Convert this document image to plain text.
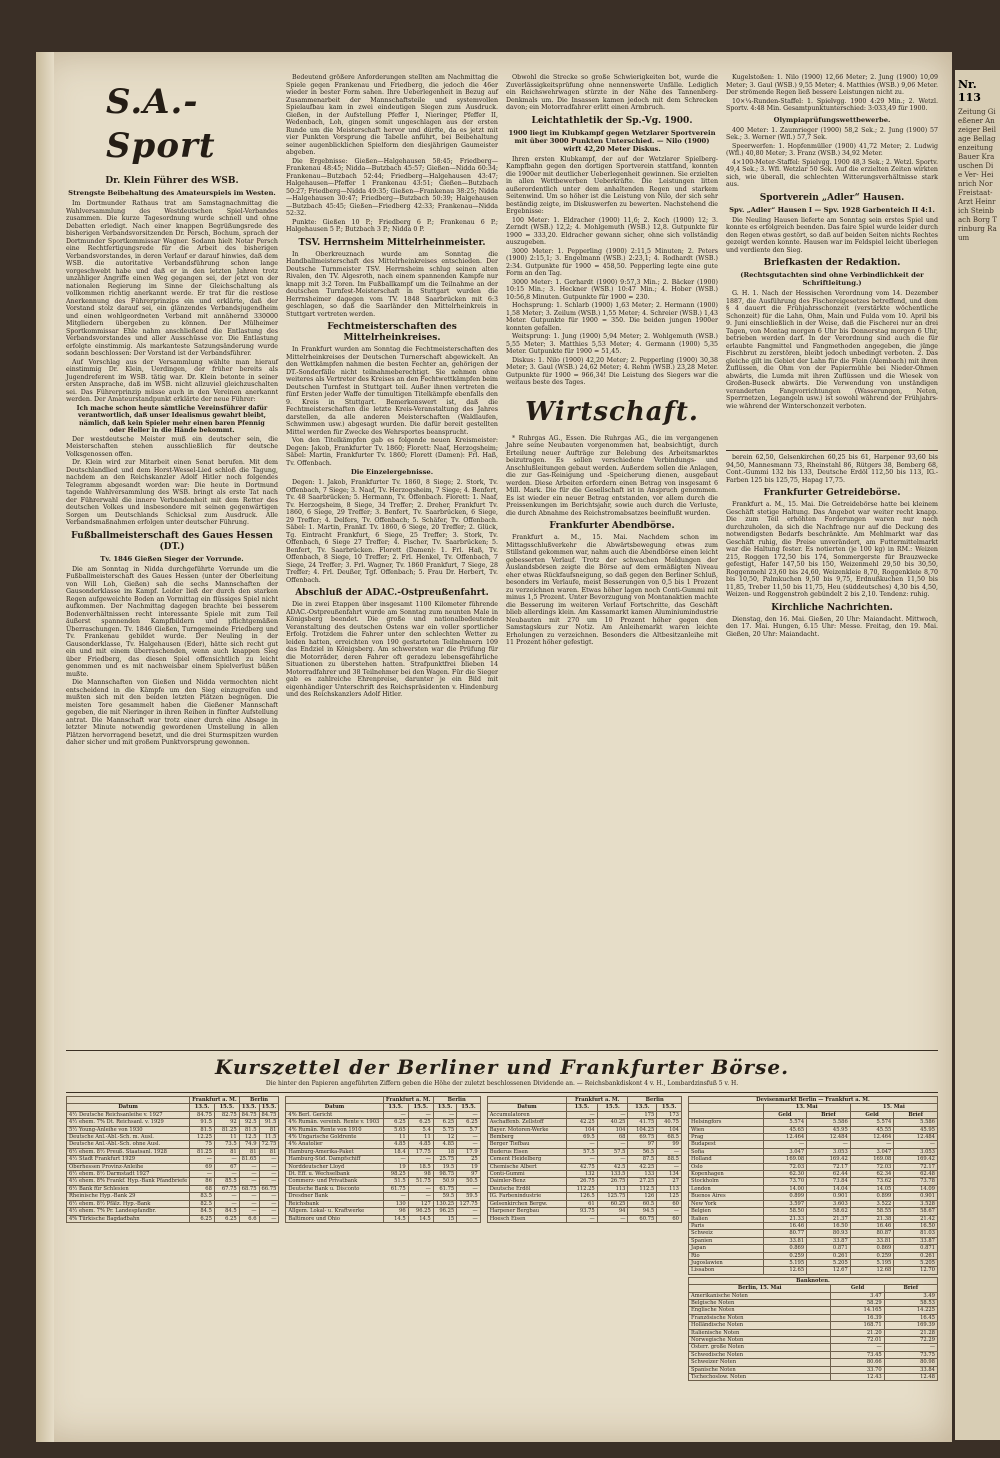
S.A.-Sport
Dr. Klein Führer des WSB.
Strengste Beibehaltung des Amateurspiels im Westen.

Im Dortmunder Rathaus trat am Samstagnachmittag die Wahlversammlung des Westdeutschen Spiel-Verbandes zusammen. Die kurze Tagesordnung wurde schnell und ohne Debatten erledigt. Nach einer knappen Begrüßungsrede des bisherigen Verbandsvorsitzenden Dr. Persch, Bochum, sprach der Dortmunder Sportkommissar Wagner. Sodann hielt Notar Persch eine Rechtfertigungsrede für die Arbeit des bisherigen Verbandsvorstandes, in deren Verlauf er darauf hinwies, daß dem WSB. die autoritative Verbandsführung schon lange vorgeschwebt habe und daß er in den letzten Jahren trotz unzähliger Angriffe einen Weg gegangen sei, der jetzt von der nationalen Regierung im Sinne der Gleichschaltung als vollkommen richtig anerkannt werde. Er trat für die restlose Anerkennung des Führerprinzips ein und erklärte, daß der Vorstand stolz darauf sei, ein glänzendes Verbandsjugendheim und einen wohlgeordneten Verband mit annähernd 330000 Mitgliedern übergeben zu können. Der Mülheimer Sportkommissar Ehle nahm anschließend die Entlastung des Verbandsvorstandes und aller Ausschüsse vor. Die Entlastung erfolgte einstimmig. Als markanteste Satzungsänderung wurde sodann beschlossen: Der Vorstand ist der Verbandsführer.

Auf Vorschlag aus der Versammlung wählte man hierauf einstimmig Dr. Klein, Uerdingen, der früher bereits als Jugendreferent im WSB. tätig war. Dr. Klein betonte in seiner ersten Ansprache, daß im WSB. nicht allzuviel gleichzuschalten sei. Das Führerprinzip müsse auch in den Vereinen anerkannt werden. Der Amateurstandpunkt erklärte der neue Führer:

Ich mache schon heute sämtliche Vereinsführer dafür verantwortlich, daß unser Idealismus gewahrt bleibt, nämlich, daß kein Spieler mehr einen baren Pfennig oder Heller in die Hände bekommt.

Der westdeutsche Meister muß ein deutscher sein, die Meisterschaften stehen ausschließlich für deutsche Volksgenossen offen.

Dr. Klein wird zur Mitarbeit einen Senat berufen. Mit dem Deutschlandlied und dem Horst-Wessel-Lied schloß die Tagung, nachdem an den Reichskanzler Adolf Hitler noch folgendes Telegramm abgesandt worden war: Die heute in Dortmund tagende Wahlversammlung des WSB. bringt als erste Tat nach der Führerwahl die innere Verbundenheit mit dem Retter des deutschen Volkes und insbesondere mit seinen gegenwärtigen Sorgen um Deutschlands Schicksal zum Ausdruck. Alle Verbandsmaßnahmen erfolgen unter deutscher Führung.

Fußballmeisterschaft des Gaues Hessen (DT.)
Tv. 1846 Gießen Sieger der Vorrunde.

Die am Sonntag in Nidda durchgeführte Vorrunde um die Fußballmeisterschaft des Gaues Hessen (unter der Oberleitung von Will Loh, Gießen) sah die sechs Mannschaften der Gausonderklasse im Kampf. Leider ließ der durch den starken Regen aufgeweichte Boden an Vormittag ein flüssiges Spiel nicht aufkommen. Der Nachmittag dagegen brachte bei besserem Bodenverhältnissen recht interessante Spiele mit zum Teil äußerst spannenden Kampfbildern und pflichtgemäßen Überraschungen. Tv. 1846 Gießen, Turngemeinde Friedberg und Tv. Frankenau gebildet wurde. Der Neuling in der Gausonderklasse, Tv. Halgehausen (Eder), hätte sich recht gut ein und mit einem überraschenden, wenn auch knappen Sieg über Friedberg, das diesen Spiel offensichtlich zu leicht genommen und es mit nachweisbar einem Spielverlust büßen mußte.

Die Mannschaften von Gießen und Nidda vermochten nicht entscheidend in die Kämpfe um den Sieg einzugreifen und mußten sich mit den beiden letzten Plätzen begnügen. Die meisten Tore gesammelt haben die Gießener Mannschaft gegeben, die mit Nieringer in ihren Reihen in fünfter Aufstellung antrat. Die Mannschaft war trotz einer durch eine Absage in letzter Minute notwendig gewordenen Umstellung in allen Plätzen hervorragend besetzt, und die drei Sturmspitzen wurden daher sicher und mit großem Punktvorsprung gewonnen.

Bedeutend größere Anforderungen stellten am Nachmittag die Spiele gegen Frankenau und Friedberg, die jedoch die 46er wieder in bester Form sahen. Ihre Ueberlegenheit in Bezug auf Zusammenarbeit der Mannschaftsteile und systemvollen Spielaufbau kam in zwei eindeutigen Siegen zum Ausdruck. Gießen, in der Aufstellung Pfeffer I, Nieringer, Pfeffer II, Wedenbach, Loh, gingen somit ungeschlagen aus der ersten Runde um die Meisterschaft hervor und dürfte, da es jetzt mit vier Punkten Vorsprung die Tabelle anführt, bei Beibehaltung seiner augenblicklichen Spielform den diesjährigen Gaumeister abgeben.

Die Ergebnisse: Gießen—Halgehausen 58:45; Friedberg—Frankenau 48:45; Nidda—Butzbach 45:57; Gießen—Nidda 60:34; Frankenau—Butzbach 52:44; Friedberg—Halgehausen 43:47; Halgehausen—Pfeffer 1 Frankenau 43:51; Gießen—Butzbach 50:27; Friedberg—Nidda 49:35; Gießen—Frankenau 38:25; Nidda—Halgehausen 30:47; Friedberg—Butzbach 50:39; Halgehausen—Butzbach 45:45; Gießen—Friedberg 42:33; Frankenau—Nidda 52:32.

Punkte: Gießen 10 P.; Friedberg 6 P.; Frankenau 6 P.; Halgehausen 5 P.; Butzbach 3 P.; Nidda 0 P.

TSV. Herrnsheim Mittelrheinmeister.

In Oberkreuznach wurde am Sonntag die Handballmeisterschaft des Mittelrheinkreises entschieden. Der Deutsche Turnmeister TSV. Herrnsheim schlug seinen alten Rivalen, den TV. Algesroth, nach einem spannenden Kampfe nur knapp mit 3:2 Toren. Im Fußballkampf um die Teilnahme an der deutschen Turnfest-Meisterschaft in Stuttgart wurden die Herrnsheimer dagegen vom TV. 1848 Saarbrücken mit 6:3 geschlagen, so daß die Saarländer den Mittelrheinkreis in Stuttgart vertreten werden.

Fechtmeisterschaften des Mittelrheinkreises.

In Frankfurt wurden am Sonntag die Fechtmeisterschaften des Mittelrheinkreises der Deutschen Turnerschaft abgewickelt. An den Wettkämpfen nahmen die besten Fechter an, gehörigen der DT.-Sonderfälle nicht teilnahmeberechtigt. Sie nehmen ohne weiteres als Vertreter des Kreises an den Fechtwettkämpfen beim Deutschen Turnfest in Stuttgart teil. Außer ihnen vertreten die fünf Ersten jeder Waffe der tumultigen Titelkämpfe ebenfalls den 9. Kreis in Stuttgart. Bemerkenswert ist, daß die Fechtmeisterschaften die letzte Kreis-Veranstaltung des Jahres darstellen, da alle anderen Meisterschaften (Waldlaufen, Schwimmen usw.) abgesagt wurden. Die dafür bereit gestellten Mittel werden für Zwecke des Wehrsportes beansprucht.

Von den Titelkämpfen gab es folgende neuen Kreismeister: Degen: Jakob, Frankfurter Tv. 1860; Florett: Naaf, Herzogsheim; Säbel: Martin, Frankfurter Tv. 1860; Florett (Damen): Frl. Haß, Tv. Offenbach.

Die Einzelergebnisse.

Degen: 1. Jakob, Frankfurter Tv. 1860, 8 Siege; 2. Stork, Tv. Offenbach, 7 Siege; 3. Naaf, Tv. Herzogsheim, 7 Siege; 4. Benfert, Tv. 48 Saarbrücken; 5. Hermann, Tv. Offenbach. Florett: 1. Naaf, Tv. Herzogsheim, 8 Siege, 34 Treffer; 2. Dreher, Frankfurt Tv. 1860, 6 Siege, 29 Treffer; 3. Benfert, Tv. Saarbrücken, 6 Siege, 29 Treffer; 4. Delfers, Tv. Offenbach; 5. Schäfer, Tv. Offenbach. Säbel: 1. Martin, Frankf. Tv. 1860, 6 Siege, 20 Treffer; 2. Glück, Tg. Eintracht Frankfurt, 6 Siege, 25 Treffer; 3. Stork, Tv. Offenbach, 6 Siege 27 Treffer; 4. Fischer, Tv. Saarbrücken; 5. Benfert, Tv. Saarbrücken. Florett (Damen): 1. Frl. Haß, Tv. Offenbach, 8 Siege, 10 Treffer; 2. Frl. Henkel, Tv. Offenbach, 7 Siege, 24 Treffer; 3. Frl. Wagner, Tv. 1860 Frankfurt, 7 Siege, 28 Treffer; 4. Frl. Deußer, Tgf. Offenbach; 5. Frau Dr. Herbert, Tv. Offenbach.

Abschluß der ADAC.-Ostpreußenfahrt.

Die in zwei Etappen über insgesamt 1100 Kilometer führende ADAC.-Ostpreußenfahrt wurde am Sonntag zum neunten Male in Königsberg beendet. Die große und nationalbedeutende Veranstaltung des deutschen Ostens war ein voller sportlicher Erfolg. Trotzdem die Fahrer unter den schlechten Wetter zu leiden hatten, erreichten von 190 gestarteten Teilnehmern 109 das Endziel in Königsberg. Am schwersten war die Prüfung für die Motorräder, deren Fahrer oft geradezu lebensgefährliche Situationen zu überstehen hatten. Strafpunktfrei blieben 14 Motorradfahrer und 38 Teilnehmer bei den Wagen. Für die Sieger gab es zahlreiche Ehrenpreise, darunter je ein Bild mit eigenhändiger Unterschrift des Reichspräsidenten v. Hindenburg und des Reichskanzlers Adolf Hitler.

Obwohl die Strecke so große Schwierigkeiten bot, wurde die Zuverlässigkeitsprüfung ohne nennenswerte Unfälle. Lediglich ein Reichswehrwagen stürzte in der Nähe des Tannenberg-Denkmals um. Die Insassen kamen jedoch mit dem Schrecken davon; ein Motorradfahrer erlitt einen Armbruch.

Leichtathletik der Sp.-Vg. 1900.
1900 liegt im Klubkampf gegen Wetzlarer Sportverein mit über 3000 Punkten Unterschied. — Nilo (1900) wirft 42,20 Meter Diskus.

Ihren ersten Klubkampf, der auf der Wetzlarer Spielberg-Kampfbahn gegen den dortigen Sportverein stattfand, konnten die 1900er mit deutlicher Ueberlegenheit gewinnen. Sie erzielten in allen Wettbewerben Ueberkräfte. Die Leistungen litten außerordentlich unter dem anhaltenden Regen und starkem Seitenwind. Um so höher ist die Leistung von Nilo, der sich sehr beständig zeigte, im Diskuswerfen zu bewerten. Nachstehend die Ergebnisse:

100 Meter: 1. Eldracher (1900) 11,6; 2. Koch (1900) 12; 3. Zerndt (WSB.) 12,2; 4. Mohlgemuth (WSB.) 12,8. Gutpunkte für 1900 = 333,20. Eldracher gewann sicher, ohne sich vollständig auszugeben.

3000 Meter: 1. Pepperling (1900) 2:11,5 Minuten; 2. Peters (1900) 2:15,1; 3. Engelmann (WSB.) 2:23,1; 4. Rodhardt (WSB.) 2:34. Gutpunkte für 1900 = 458,50. Pepperling legte eine gute Form an den Tag.

3000 Meter: 1. Gerhardt (1900) 9:57,3 Min.; 2. Bäcker (1900) 10:15 Min.; 3. Heckner (WSB.) 10:47 Min.; 4. Hober (WSB.) 10:56,8 Minuten. Gutpunkte für 1900 = 230.

Hochsprung: 1. Schlarb (1900) 1,63 Meter; 2. Hermann (1900) 1,58 Meter; 3. Zeilum (WSB.) 1,55 Meter; 4. Schreier (WSB.) 1,43 Meter. Gutpunkte für 1900 = 350. Die beiden jungen 1900er konnten gefallen.

Weitsprung: 1. Jung (1900) 5,94 Meter; 2. Wohlgemuth (WSB.) 5,55 Meter; 3. Matthies 5,53 Meter; 4. Germann (1900) 5,35 Meter. Gutpunkte für 1900 = 51,45.

Diskus: 1. Nilo (1900) 42,20 Meter; 2. Pepperling (1900) 30,38 Meter; 3. Gaul (WSB.) 24,62 Meter; 4. Rehm (WSB.) 23,28 Meter. Gutpunkte für 1900 = 966,34! Die Leistung des Siegers war die weitaus beste des Tages.

Wirtschaft.

* Ruhrgas AG., Essen. Die Ruhrgas AG., die im vergangenen Jahre seine Neubauten vorgenommen hat, beabsichtigt, durch Erteilung neuer Aufträge zur Belebung des Arbeitsmarktes beizutragen. Es sollen verschiedene Verbindungs- und Anschlußleitungen gebaut werden. Außerdem sollen die Anlagen, die zur Gas-Reinigung und -Speicherung dienen, ausgebaut werden. Diese Arbeiten erfordern einen Betrag von insgesamt 6 Mill. Mark. Die für die Gesellschaft ist in Anspruch genommen. Es ist wieder ein neuer Betrag entstanden, vor allem durch die Preissenkungen im Berichtsjahr, sowie auch durch die Verluste, die durch Abnahme des Reichstromabsatzes beeinflußt wurden.

Frankfurter Abendbörse.

Frankfurt a. M., 15. Mai. Nachdem schon im Mittagsschlußverkehr die Abwärtsbewegung etwas zum Stillstand gekommen war, nahm auch die Abendbörse einen leicht gebesserten Verlauf. Trotz der schwachen Meldungen der Auslandsbörsen zeigte die Börse auf dem ermäßigten Niveau eher etwas Rückfaufsneigung, so daß gegen den Berliner Schluß, besonders im Verlaufe, meist Besserungen von 0,5 bis 1 Prozent zu verzeichnen waren. Etwas höher lagen noch Conti-Gummi mit minus 1,5 Prozent. Unter Bevorzugung von Montanaktien machte die Besserung im weiteren Verlauf Fortschritte, das Geschäft blieb allerdings klein. Am Kassamarkt kamen Aluminiumindustrie Neubauten mit 270 um 10 Prozent höher gegen den Samstagskurs zur Notiz. Am Anleihemarkt waren leichte Erholungen zu verzeichnen. Besonders die Altbesitzanleihe mit 11 Prozent höher gefestigt.

Kugelstoßen: 1. Nilo (1900) 12,66 Meter; 2. Jung (1900) 10,09 Meter; 3. Gaul (WSB.) 9,55 Meter; 4. Matthies (WSB.) 9,06 Meter. Der strömende Regen ließ bessere Leistungen nicht zu.

10×¼-Runden-Staffel: 1. Spielvgg. 1900 4:29 Min.; 2. Wetzl. Sportv. 4:48 Min. Gesamtpunktunterschied: 3:033,49 für 1900.

Olympiaprüfungswettbewerbe.

400 Meter: 1. Zaumrieger (1900) 58,2 Sek.; 2. Jung (1900) 57 Sek.; 3. Werner (Wfl.) 57,7 Sek.

Speerwerfen: 1. Hopfenmüller (1900) 41,72 Meter; 2. Ludwig (Wfl.) 40,80 Meter; 3. Franz (WSB.) 34,92 Meter.

4×100-Meter-Staffel: Spielvgg. 1900 48,3 Sek.; 2. Wetzl. Sportv. 49,4 Sek.; 3. Wfl. Wetzlar 50 Sek. Auf die erzielten Zeiten wirkten sich, wie überall, die schlechten Witterungsverhältnisse stark aus.

Sportverein „Adler“ Hausen.
Spv. „Adler“ Hausen I — Spv. 1928 Garbenteich II 4:1.

Die Neuling Hausen lieferte am Sonntag sein erstes Spiel und konnte es erfolgreich beenden. Das faire Spiel wurde leider durch den Regen etwas gestört, so daß auf beiden Seiten nichts Rechtes gezeigt werden konnte. Hausen war im Feldspiel leicht überlegen und verdiente den Sieg.

Briefkasten der Redaktion.
(Rechtsgutachten sind ohne Verbindlichkeit der Schriftleitung.)

G. H. 1. Nach der Hessischen Verordnung vom 14. Dezember 1887, die Ausführung des Fischereigesetzes betreffend, und dem § 4 dauert die Frühjahrsschonzeit (verstärkte wöchentliche Schonzeit) für die Lahn, Ohm, Main und Fulda vom 10. April bis 9. Juni einschließlich in der Weise, daß die Fischerei nur an drei Tagen, von Montag morgen 6 Uhr bis Donnerstag morgen 6 Uhr, betrieben werden darf. In der Verordnung sind auch die für erlaubte Fangmittel und Fangmethoden angegeben, die jünge Fischbrut zu zerstören, bleibt jedoch unbedingt verboten. 2. Das gleiche gilt im Gebiet der Lahn für die Flein (Alembach) mit ihren Zuflüssen, die Ohm von der Papiermühle bei Nieder-Ohmen abwärts, die Lumda mit ihren Zuflüssen und die Wiesek von Großen-Buseck abwärts. Die Verwendung von unständigen veranderten Fangvorrichtungen (Wasserungen, Neten, Sperrnetzen, Legangeln usw.) ist sowohl während der Frühjahrs- wie während der Winterschonzeit verboten.

berein 62,50, Gelsenkirchen 60,25 bis 61, Harpener 93,60 bis 94,50, Mannesmann 73, Rheinstahl 86, Rütgers 38, Bemberg 68, Cont.-Gummi 132 bis 133, Deutsche Erdöl 112,50 bis 113, IG.-Farben 125 bis 125,75, Hapag 17,75.

Frankfurter Getreidebörse.

Frankfurt a. M., 15. Mai. Die Getreidebörse hatte bei kleinem Geschäft stetige Haltung. Das Angebot war weiter recht knapp. Die zum Teil erhöhten Forderungen waren nur noch durchzuholen, da sich die Nachfrage nur auf die Deckung des notwendigsten Bedarfs beschränkte. Am Mehlmarkt war das Geschäft ruhig, die Preise unverändert, am Futtermittelmarkt war die Haltung fester. Es notierten (je 100 kg) in RM.: Weizen 215, Roggen 172,50 bis 174, Sommergerste für Brauzwecke gefestigt, Hafer 147,50 bis 150, Weizenmehl 29,50 bis 30,50, Roggenmehl 23,60 bis 24,60, Weizenkleie 8,70, Roggenkleie 8,70 bis 10,50, Palmkuchen 9,50 bis 9,75, Erdnußkuchen 11,50 bis 11,85, Treber 11,50 bis 11,75, Heu (süddeutsches) 4,30 bis 4,50, Weizen- und Roggenstroh gebündelt 2 bis 2,10. Tendenz: ruhig.

Kirchliche Nachrichten.

Dienstag, den 16. Mai. Gießen, 20 Uhr: Maiandacht. Mittwoch, den 17. Mai. Hungen, 6.15 Uhr: Messe. Freitag, den 19. Mai. Gießen, 20 Uhr: Maiandacht.

Kurszettel der Berliner und Frankfurter Börse.
Die hinter den Papieren angeführten Ziffern geben die Höhe der zuletzt beschlossenen Dividende an. — Reichsbankdiskont 4 v. H., Lombardzinsfuß 5 v. H.
	Frankfurt a. M.		Berlin	
Datum	13.5.	15.5.	13.5.	15.5.
4½ Deutsche Reichsanleihe v. 1927	84.75	82.75	84.75	84.75
4½ ehem. 7% Dt. Reichsanl. v. 1929	91.5	92	92.5	91.5
5½ Young-Anleihe von 1930	81.5	81.25	81.5	81
Deutsche Anl.-Abl.-Sch. m. Ausl.	12.25	11	12.5	11.5
Deutsche Anl.-Abl.-Sch. ohne Ausl.	75	73.5	74.9	72.75
6½ ehem. 8½ Preuß. Staatsanl. 1928	81.25	81	81	81
4½ Stadt Frankfurt 1929	—	—	81.65	—
Oberhessen Provinz-Anleihe	69	67	—	—
6½ ehem. 8½ Darmstadt 1927	—	—	—	—
4½ ehem. 8% Frankf. Hyp.-Bank Pfandbriefe	86	85.5	—	—
6½ Bank für Schlesien	68	67.75	68.75	66.75
Rheinische Hyp.-Bank 29	83.5	—	—	—
6½ ehem. 8½ Pfälz. Hyp.-Bank	82.5	—	—	—
4½ ehem. 7% Pr. Landespfandbr.	84.5	84.5	—	—
4% Türkische Bagdadbahn	6.25	6.25	6.6	—
	Frankfurt a. M.		Berlin	
Datum	13.5.	15.5.	13.5.	15.5.
4% Berl. Gericht	—	—	—	—
4% Rumän. vereinh. Rente v. 1903	6.25	6.25	6.25	6.25
4% Rumän. Rente von 1910	5.65	5.4	5.75	5.7
4% Ungarische Goldrente	11	11	12	—
4% Anatolier	4.85	4.85	4.85	—
Hamburg-Amerika-Paket	18.4	17.75	18	17.9
Hamburg-Süd. Dampfschiff	—	—	25.75	25
Norddeutscher Lloyd	19	18.5	19.5	19
Dt. Eff. u. Wechselbank	98.25	98	98.75	97
Commerz- und Privatbank	51.5	51.75	50.9	50.5
Deutsche Bank u. Disconto	61.75	—	61.75	—
Dresdner Bank	—	—	59.5	59.5
Reichsbank	130	127	130.25	127.75
Allgem. Lokal- u. Kraftwerke	96	96.25	96.25	—
Baltimore und Ohio	14.5	14.5	15	—
	Frankfurt a. M.		Berlin	
Datum	13.5.	15.5.	13.5.	15.5.
Accumulatoren	—	—	175	173
Aschaffenb. Zellstoff	42.25	40.25	41.75	40.75
Bayer. Motoren-Werke	104	104	104.25	104
Bemberg	69.5	68	69.75	68.5
Berger Tiefbau	—	—	97	99
Buderus Eisen	57.5	57.5	56.5	—
Cement Heidelberg	—	—	87.5	88.5
Chemische Albert	42.75	42.5	42.25	—
Conti-Gummi	132	133.5	133	134
Daimler-Benz	26.75	26.75	27.25	27
Deutsche Erdöl	112.25	113	112.5	113
IG. Farbenindustrie	126.5	125.75	126	125
Gelsenkirchen Bergw.	61	60.25	60.5	60
Harpener Bergbau	93.75	94	94.5	—
Hoesch Eisen	—	—	60.75	60
Devisenmarkt Berlin — Frankfurt a. M.				
	13. Mai		15. Mai	
	Geld	Brief	Geld	Brief
Helsingfors	5.574	5.586	5.574	5.586
Wien	45.65	45.95	45.55	45.95
Prag	12.464	12.484	12.464	12.484
Budapest	—	—	—	—
Sofia	3.047	3.053	3.047	3.053
Holland	169.08	169.42	169.08	169.42
Oslo	72.03	72.17	72.03	72.17
Kopenhagen	62.30	62.44	62.34	62.48
Stockholm	73.70	73.84	73.62	73.78
London	14.00	14.04	14.05	14.09
Buenos Aires	0.899	0.901	0.899	0.901
New York	3.597	3.603	3.522	3.528
Belgien	58.50	58.62	58.55	58.67
Italien	21.33	21.37	21.38	21.42
Paris	16.46	16.50	16.46	16.50
Schweiz	80.77	80.93	80.87	81.03
Spanien	33.81	33.87	33.81	33.87
Japan	0.869	0.871	0.869	0.871
Rio	0.259	0.261	0.259	0.261
Jugoslawien	5.195	5.205	5.195	5.205
Lissabon	12.65	12.67	12.68	12.70
Banknoten.		
Berlin, 15. Mai	Geld	Brief
Amerikanische Noten	3.47	3.49
Belgische Noten	58.29	58.53
Englische Noten	14.165	14.225
Französische Noten	16.39	16.45
Holländische Noten	168.71	169.39
Italienische Noten	21.20	21.28
Norwegische Noten	72.01	72.29
Österr. große Noten	—	—
Schwedische Noten	73.45	73.75
Schweizer Noten	80.66	80.98
Spanische Noten	33.70	33.84
Tschechoslow. Noten	12.43	12.48
Nr. 113
Zeitung Gießener Anzeiger Beilage Bellagenzeitung Bauer Krauschen Die Ver- Heinrich Nor Freistaat- Arzt Heinrich Steinbach Borg Trinburg Raum
